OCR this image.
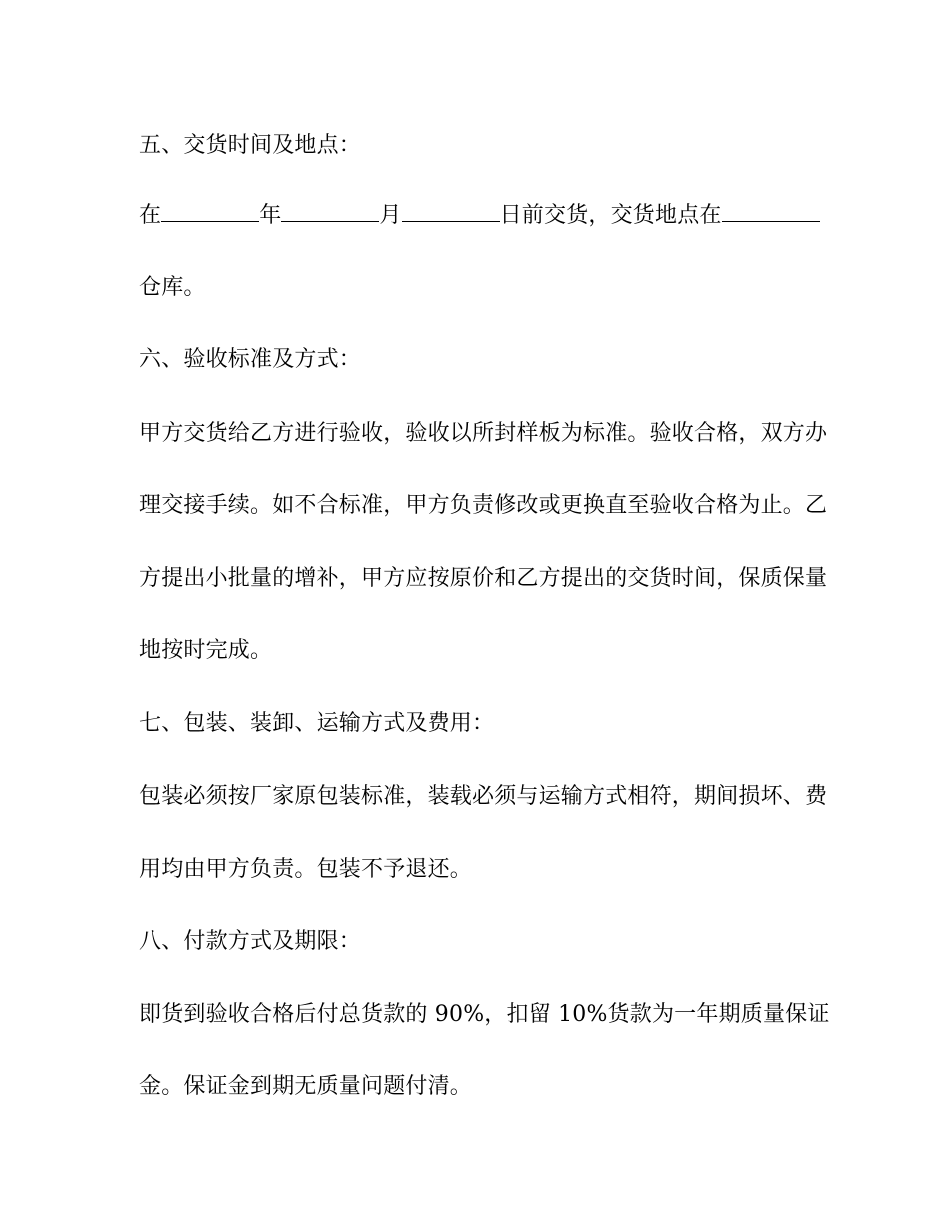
五、交货时间及地点：
在	年	月	日前交货，交货地点在
仓库。
六、验收标准及方式：
甲方交货给乙方进行验收，验收以所封样板为标准。验收合格，双方办
理交接手续。如不合标准，甲方负责修改或更换直至验收合格为止。乙
方提出小批量的增补，甲方应按原价和乙方提出的交货时间，保质保量
地按时完成。
七、包装、装卸、运输方式及费用：
包装必须按厂家原包装标准，装载必须与运输方式相符，期间损坏、费
用均由甲方负责。包装不予退还。
八、付款方式及期限：
即货到验收合格后付总货款的 90%，扣留 10%货款为一年期质量保证
金。保证金到期无质量问题付清。
